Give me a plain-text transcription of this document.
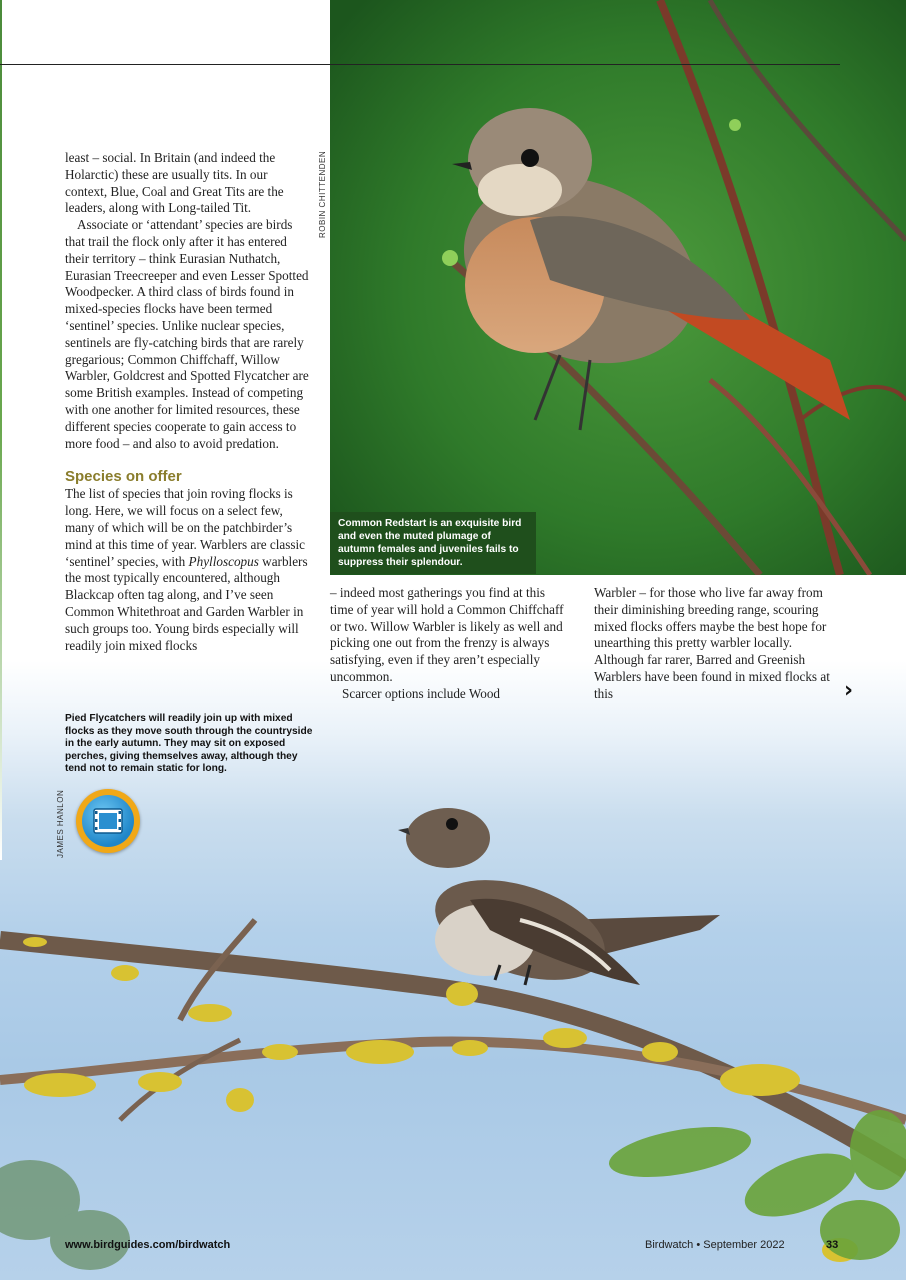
ROBIN CHITTENDEN

least – social. In Britain (and indeed the Holarctic) these are usually tits. In our context, Blue, Coal and Great Tits are the leaders, along with Long-tailed Tit.

Associate or ‘attendant’ species are birds that trail the flock only after it has entered their territory – think Eurasian Nuthatch, Eurasian Treecreeper and even Lesser Spotted Woodpecker. A third class of birds found in mixed-species flocks have been termed ‘sentinel’ species. Unlike nuclear species, sentinels are fly-catching birds that are rarely gregarious; Common Chiffchaff, Willow Warbler, Goldcrest and Spotted Flycatcher are some British examples. Instead of competing with one another for limited resources, these different species cooperate to gain access to more food – and also to avoid predation.

Species on offer

The list of species that join roving flocks is long. Here, we will focus on a select few, many of which will be on the patchbirder’s mind at this time of year. Warblers are classic ‘sentinel’ species, with Phylloscopus warblers the most typically encountered, although Blackcap often tag along, and I’ve seen Common Whitethroat and Garden Warbler in such groups too. Young birds especially will readily join mixed flocks

Common Redstart is an exquisite bird and even the muted plumage of autumn females and juveniles fails to suppress their splendour.

– indeed most gatherings you find at this time of year will hold a Common Chiffchaff or two. Willow Warbler is likely as well and picking one out from the frenzy is always satisfying, even if they aren’t especially uncommon.

Scarcer options include Wood

Warbler – for those who live far away from their diminishing breeding range, scouring mixed flocks offers maybe the best hope for unearthing this pretty warbler locally. Although far rarer, Barred and Greenish Warblers have been found in mixed flocks at this	›
Pied Flycatchers will readily join up with mixed flocks as they move south through the countryside in the early autumn. They may sit on exposed perches, giving themselves away, although they tend not to remain static for long.
JAMES HANLON
www.birdguides.com/birdwatch	Birdwatch • September 2022	33
